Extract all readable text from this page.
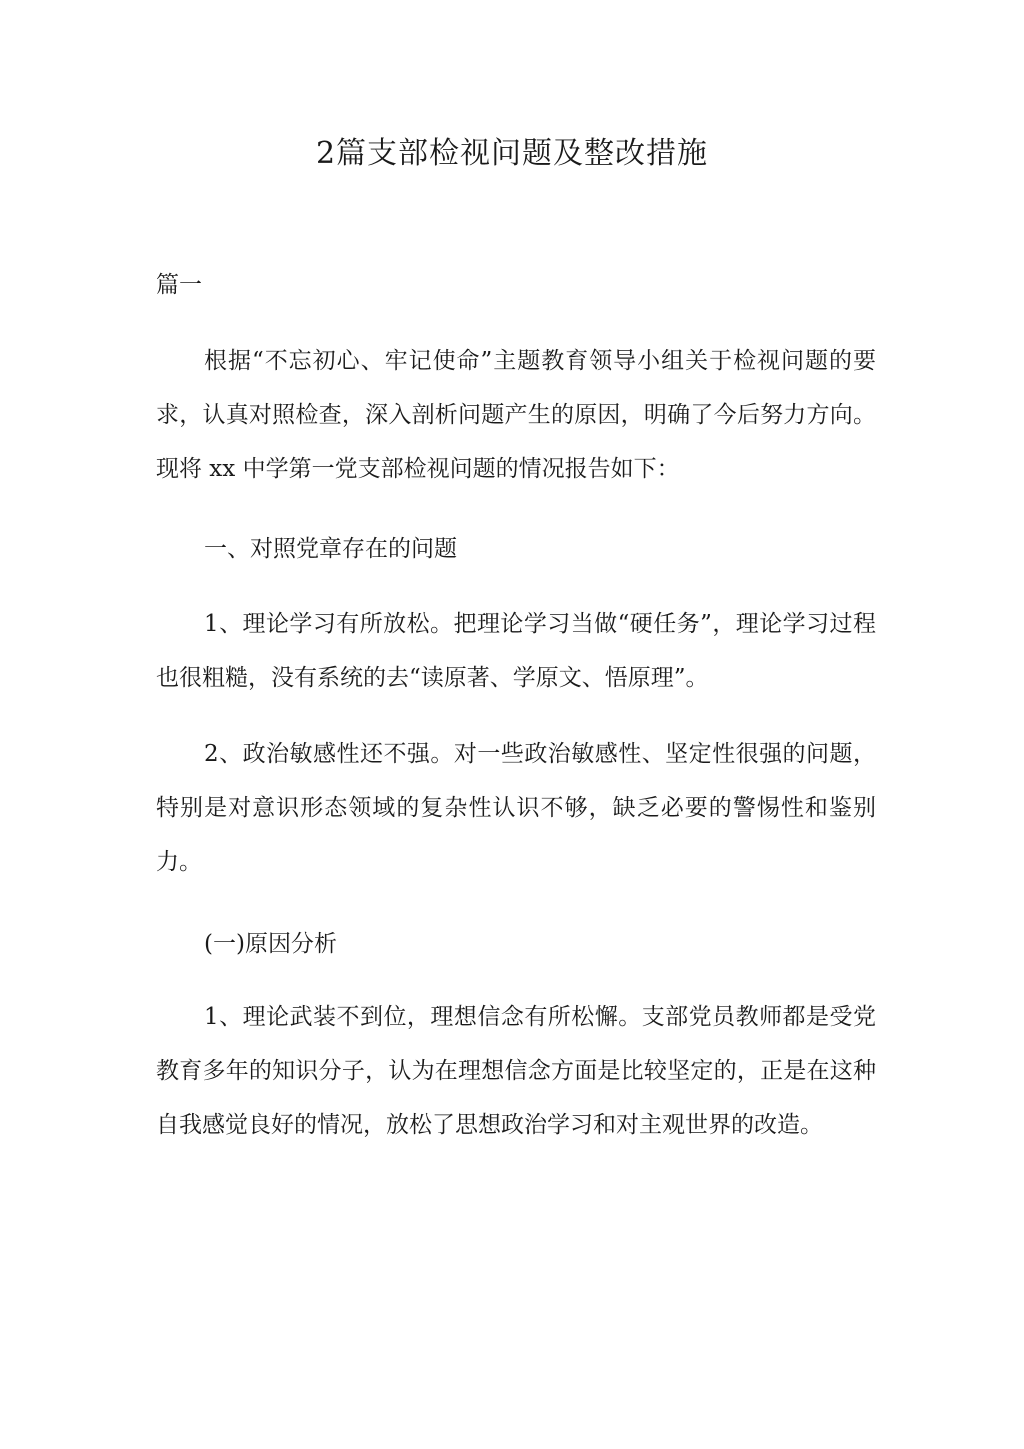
2篇支部检视问题及整改措施

篇一

根据“不忘初心、牢记使命”主题教育领导小组关于检视问题的要求，认真对照检查，深入剖析问题产生的原因，明确了今后努力方向。现将 xx 中学第一党支部检视问题的情况报告如下：

一、对照党章存在的问题

1、理论学习有所放松。把理论学习当做“硬任务”，理论学习过程也很粗糙，没有系统的去“读原著、学原文、悟原理”。

2、政治敏感性还不强。对一些政治敏感性、坚定性很强的问题，特别是对意识形态领域的复杂性认识不够，缺乏必要的警惕性和鉴别力。

(一)原因分析

1、理论武装不到位，理想信念有所松懈。支部党员教师都是受党教育多年的知识分子，认为在理想信念方面是比较坚定的，正是在这种自我感觉良好的情况，放松了思想政治学习和对主观世界的改造。
